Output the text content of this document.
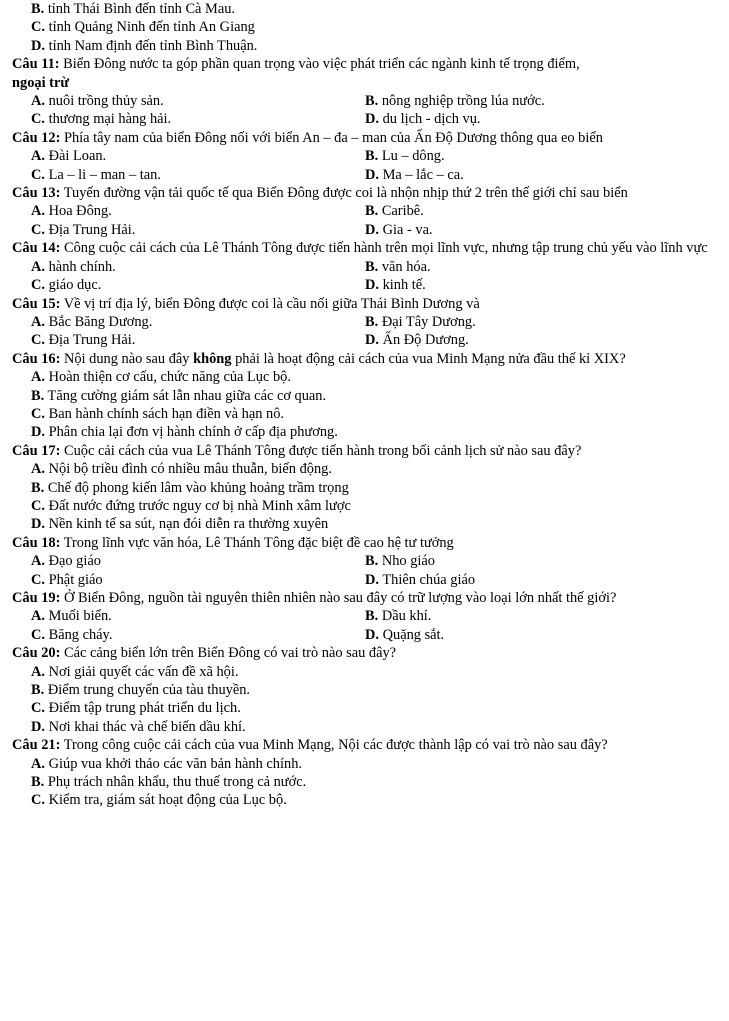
B. tỉnh Thái Bình đến tỉnh Cà Mau.
C. tỉnh Quảng Ninh đến tỉnh An Giang
D. tỉnh Nam định đến tỉnh Bình Thuận.
Câu 11: Biển Đông nước ta góp phần quan trọng vào việc phát triển các ngành kinh tế trọng điểm,
ngoại trừ
A. nuôi trồng thủy sản.	B. nông nghiệp trồng lúa nước.
C. thương mại hàng hải.	D. du lịch - dịch vụ.
Câu 12: Phía tây nam của biển Đông nối với biển An – đa – man của Ấn Độ Dương thông qua eo biển
A. Đài Loan.	B. Lu – dông.
C. La – li – man – tan.	D. Ma – lắc – ca.
Câu 13: Tuyến đường vận tải quốc tế qua Biển Đông được coi là nhộn nhịp thứ 2 trên thế giới chỉ sau biển
A. Hoa Đông.	B. Caribê.
C. Địa Trung Hải.	D. Gia - va.
Câu 14: Công cuộc cải cách của Lê Thánh Tông được tiến hành trên mọi lĩnh vực, nhưng tập trung chủ yếu vào lĩnh vực
A. hành chính.	B. văn hóa.
C. giáo dục.	D. kinh tế.
Câu 15: Về vị trí địa lý, biển Đông được coi là cầu nối giữa Thái Bình Dương và
A. Bắc Băng Dương.	B. Đại Tây Dương.
C. Địa Trung Hải.	D. Ấn Độ Dương.
Câu 16: Nội dung nào sau đây không phải là hoạt động cải cách của vua Minh Mạng nửa đầu thế kỉ XIX?
A. Hoàn thiện cơ cấu, chức năng của Lục bộ.
B. Tăng cường giám sát lẫn nhau giữa các cơ quan.
C. Ban hành chính sách hạn điền và hạn nô.
D. Phân chia lại đơn vị hành chính ở cấp địa phương.
Câu 17: Cuộc cải cách của vua Lê Thánh Tông được tiến hành trong bối cảnh lịch sử nào sau đây?
A. Nội bộ triều đình có nhiều mâu thuẫn, biến động.
B. Chế độ phong kiến lâm vào khủng hoảng trầm trọng
C. Đất nước đứng trước nguy cơ bị nhà Minh xâm lược
D. Nền kinh tế sa sút, nạn đói diễn ra thường xuyên
Câu 18: Trong lĩnh vực văn hóa, Lê Thánh Tông đặc biệt đề cao hệ tư tưởng
A. Đạo giáo	B. Nho giáo
C. Phật giáo	D. Thiên chúa giáo
Câu 19: Ở Biển Đông, nguồn tài nguyên thiên nhiên nào sau đây có trữ lượng vào loại lớn nhất thế giới?
A. Muối biển.	B. Dầu khí.
C. Băng cháy.	D. Quặng sắt.
Câu 20: Các cảng biển lớn trên Biển Đông có vai trò nào sau đây?
A. Nơi giải quyết các vấn đề xã hội.
B. Điểm trung chuyển của tàu thuyền.
C. Điểm tập trung phát triển du lịch.
D. Nơi khai thác và chế biến dầu khí.
Câu 21: Trong công cuộc cải cách của vua Minh Mạng, Nội các được thành lập có vai trò nào sau đây?
A. Giúp vua khởi thảo các văn bản hành chính.
B. Phụ trách nhân khẩu, thu thuế trong cả nước.
C. Kiểm tra, giám sát hoạt động của Lục bộ.
